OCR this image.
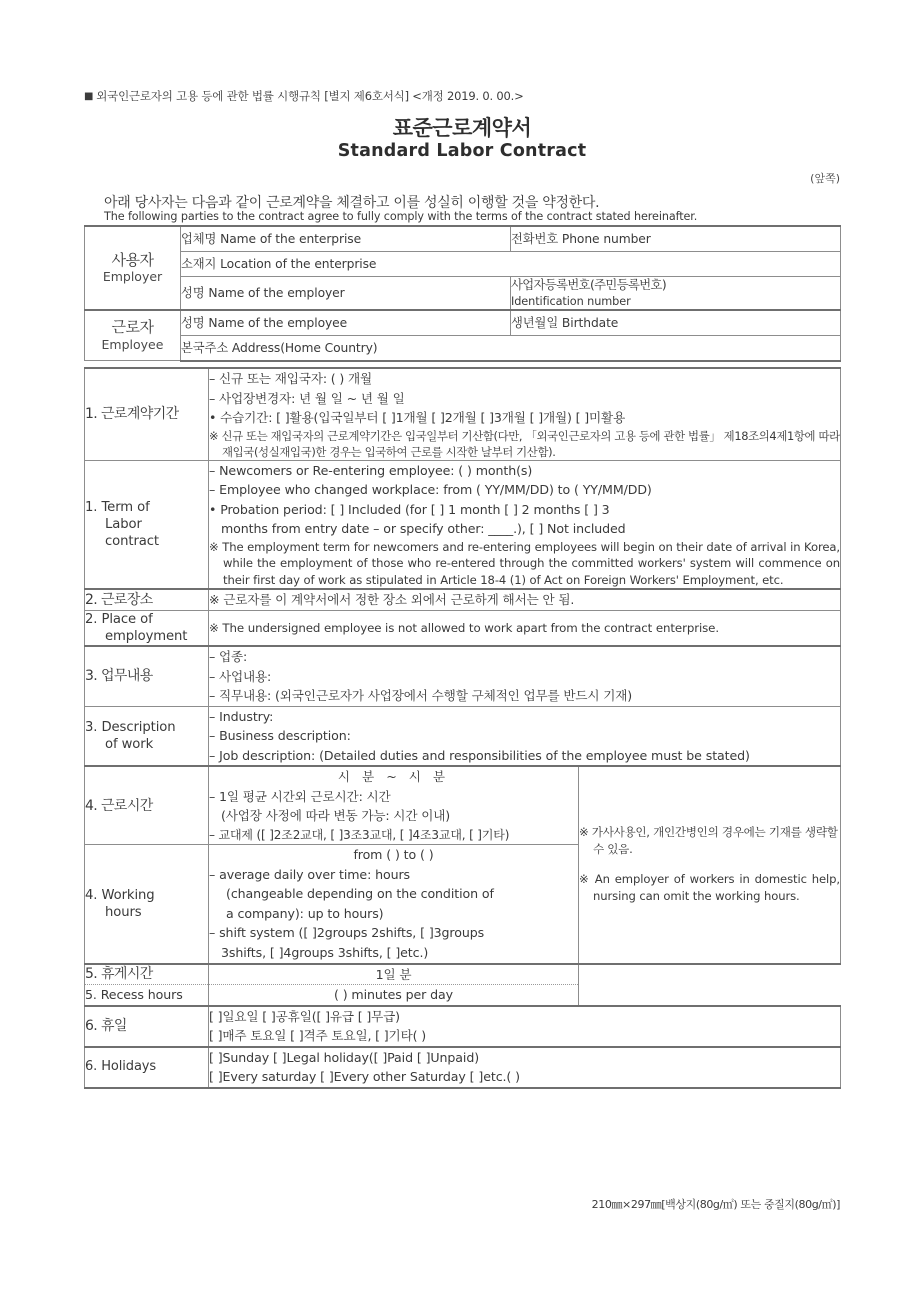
■ 외국인근로자의 고용 등에 관한 법률 시행규칙 [별지 제6호서식] <개정 2019. 0. 00.>
표준근로계약서
Standard Labor Contract
(앞쪽)
아래 당사자는 다음과 같이 근로계약을 체결하고 이를 성실히 이행할 것을 약정한다.
The following parties to the contract agree to fully comply with the terms of the contract stated hereinafter.
사용자
Employer	업체명 Name of the enterprise	전화번호 Phone number
	소재지 Location of the enterprise	
	성명 Name of the employer	사업자등록번호(주민등록번호)
Identification number

근로자
Employee	성명 Name of the employee	생년월일 Birthdate
	본국주소 Address(Home Country)	
1. 근로계약기간	– 신규 또는 재입국자: ( ) 개월
– 사업장변경자: 년 월 일 ~ 년 월 일
• 수습기간: [ ]활용(입국일부터 [ ]1개월 [ ]2개월 [ ]3개월 [ ]개월) [ ]미활용
※ 신규 또는 재입국자의 근로계약기간은 입국일부터 기산함(다만, 「외국인근로자의 고용 등에 관한 법률」 제18조의4제1항에 따라 재입국(성실재입국)한 경우는 입국하여 근로를 시작한 날부터 기산함).	

1. Term of
Labor
contract

– Newcomers or Re-entering employee: ( ) month(s)
– Employee who changed workplace: from ( YY/MM/DD) to ( YY/MM/DD)
• Probation period: [ ] Included (for [ ] 1 month [ ] 2 months [ ] 3
months from entry date – or specify other: ____.), [ ] Not included
※ The employment term for newcomers and re-entering employees will begin on their date of arrival in Korea, while the employment of those who re-entered through the committed workers' system will commence on their first day of work as stipulated in Article 18-4 (1) of Act on Foreign Workers' Employment, etc.

2. 근로장소	※ 근로자를 이 계약서에서 정한 장소 외에서 근로하게 해서는 안 됨.	

2. Place of
employment	※ The undersigned employee is not allowed to work apart from the contract enterprise.	

3. 업무내용	– 업종:
– 사업내용:
– 직무내용: (외국인근로자가 사업장에서 수행할 구체적인 업무를 반드시 기재)	

3. Description
of work	– Industry:
– Business description:
– Job description: (Detailed duties and responsibilities of the employee must be stated)	

4. 근로시간	시 분 ~ 시 분
– 1일 평균 시간외 근로시간: 시간
(사업장 사정에 따라 변동 가능: 시간 이내)
– 교대제 ([ ]2조2교대, [ ]3조3교대, [ ]4조3교대, [ ]기타)	※ 가사사용인, 개인간병인의 경우에는 기재를 생략할 수 있음.
※ An employer of workers in domestic help, nursing can omit the working hours.

4. Working
hours

from ( ) to ( )
– average daily over time: hours
(changeable depending on the condition of
a company): up to hours)
– shift system ([ ]2groups 2shifts, [ ]3groups
3shifts, [ ]4groups 3shifts, [ ]etc.)

5. 휴게시간	1일 분	

5. Recess hours	( ) minutes per day	

6. 휴일	[ ]일요일 [ ]공휴일([ ]유급 [ ]무급)
[ ]매주 토요일 [ ]격주 토요일, [ ]기타( )	

6. Holidays	[ ]Sunday [ ]Legal holiday([ ]Paid [ ]Unpaid)
[ ]Every saturday [ ]Every other Saturday [ ]etc.( )	

210㎜×297㎜[백상지(80g/㎡) 또는 중질지(80g/㎡)]
